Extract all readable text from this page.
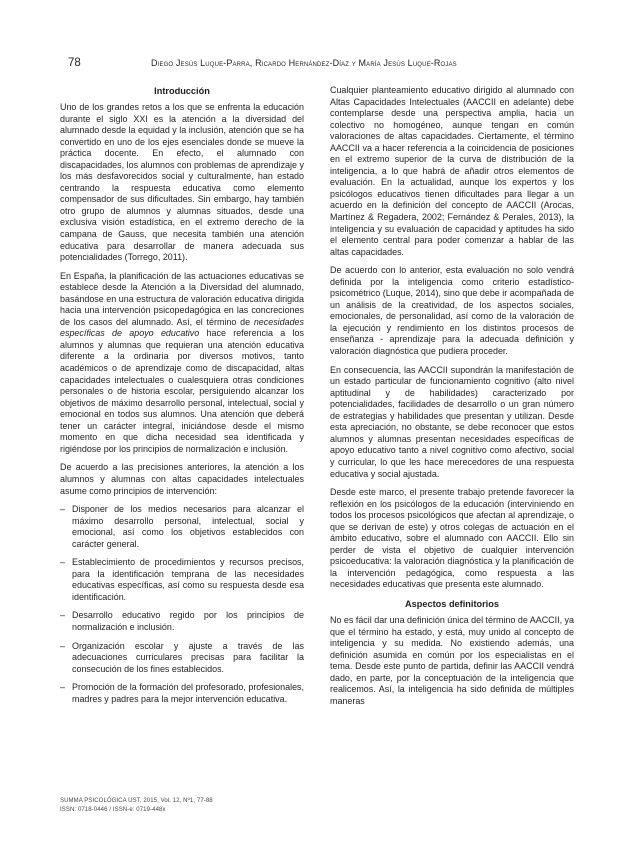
78	Diego Jesús Luque-Parra, Ricardo Hernández-Díaz y María Jesús Luque-Rojas
Introducción

Uno de los grandes retos a los que se enfrenta la educación durante el siglo XXI es la atención a la diversidad del alumnado desde la equidad y la inclusión, atención que se ha convertido en uno de los ejes esenciales donde se mueve la práctica docente. En efecto, el alumnado con discapacidades, los alumnos con problemas de aprendizaje y los más desfavorecidos social y culturalmente, han estado centrando la respuesta educativa como elemento compensador de sus dificultades. Sin embargo, hay también otro grupo de alumnos y alumnas situados, desde una exclusiva visión estadística, en el extremo derecho de la campana de Gauss, que necesita también una atención educativa para desarrollar de manera adecuada sus potencialidades (Torrego, 2011).

En España, la planificación de las actuaciones educativas se establece desde la Atención a la Diversidad del alumnado, basándose en una estructura de valoración educativa dirigida hacia una intervención psicopedagógica en las concreciones de los casos del alumnado. Así, el término de necesidades específicas de apoyo educativo hace referencia a los alumnos y alumnas que requieran una atención educativa diferente a la ordinaria por diversos motivos, tanto académicos o de aprendizaje como de discapacidad, altas capacidades intelectuales o cualesquiera otras condiciones personales o de historia escolar, persiguiendo alcanzar los objetivos de máximo desarrollo personal, intelectual, social y emocional en todos sus alumnos. Una atención que deberá tener un carácter integral, iniciándose desde el mismo momento en que dicha necesidad sea identificada y rigiéndose por los principios de normalización e inclusión.

De acuerdo a las precisiones anteriores, la atención a los alumnos y alumnas con altas capacidades intelectuales asume como principios de intervención:

– Disponer de los medios necesarios para alcanzar el máximo desarrollo personal, intelectual, social y emocional, así como los objetivos establecidos con carácter general.
– Establecimiento de procedimientos y recursos precisos, para la identificación temprana de las necesidades educativas específicas, así como su respuesta desde esa identificación.
– Desarrollo educativo regido por los principios de normalización e inclusión.
– Organización escolar y ajuste a través de las adecuaciones curriculares precisas para facilitar la consecución de los fines establecidos.
– Promoción de la formación del profesorado, profesionales, madres y padres para la mejor intervención educativa.

Cualquier planteamiento educativo dirigido al alumnado con Altas Capacidades Intelectuales (AACCII en adelante) debe contemplarse desde una perspectiva amplia, hacia un colectivo no homogéneo, aunque tengan en común valoraciones de altas capacidades. Ciertamente, el término AACCII va a hacer referencia a la coincidencia de posiciones en el extremo superior de la curva de distribución de la inteligencia, a lo que habrá de añadir otros elementos de evaluación. En la actualidad, aunque los expertos y los psicólogos educativos tienen dificultades para llegar a un acuerdo en la definición del concepto de AACCII (Arocas, Martínez & Regadera, 2002; Fernández & Perales, 2013), la inteligencia y su evaluación de capacidad y aptitudes ha sido el elemento central para poder comenzar a hablar de las altas capacidades.

De acuerdo con lo anterior, esta evaluación no solo vendrá definida por la inteligencia como criterio estadístico-psicométrico (Luque, 2014), sino que debe ir acompañada de un análisis de la creatividad, de los aspectos sociales, emocionales, de personalidad, así como de la valoración de la ejecución y rendimiento en los distintos procesos de enseñanza - aprendizaje para la adecuada definición y valoración diagnóstica que pudiera proceder.

En consecuencia, las AACCII supondrán la manifestación de un estado particular de funcionamiento cognitivo (alto nivel aptitudinal y de habilidades) caracterizado por potencialidades, facilidades de desarrollo o un gran número de estrategias y habilidades que presentan y utilizan. Desde esta apreciación, no obstante, se debe reconocer que estos alumnos y alumnas presentan necesidades específicas de apoyo educativo tanto a nivel cognitivo como afectivo, social y curricular, lo que les hace merecedores de una respuesta educativa y social ajustada.

Desde este marco, el presente trabajo pretende favorecer la reflexión en los psicólogos de la educación (interviniendo en todos los procesos psicológicos que afectan al aprendizaje, o que se derivan de este) y otros colegas de actuación en el ámbito educativo, sobre el alumnado con AACCII. Ello sin perder de vista el objetivo de cualquier intervención psicoeducativa: la valoración diagnóstica y la planificación de la intervención pedagógica, como respuesta a las necesidades educativas que presenta este alumnado.

Aspectos definitorios

No es fácil dar una definición única del término de AACCII, ya que el término ha estado, y está, muy unido al concepto de inteligencia y su medida. No existiendo además, una definición asumida en común por los especialistas en el tema. Desde este punto de partida, definir las AACCII vendrá dado, en parte, por la conceptuación de la inteligencia que realicemos. Así, la inteligencia ha sido definida de múltiples maneras

SUMMA PSICOLÓGICA UST, 2015, Vol. 12, Nº1, 77-88
ISSN: 0718-0446 / ISSN-e: 0719-448x
